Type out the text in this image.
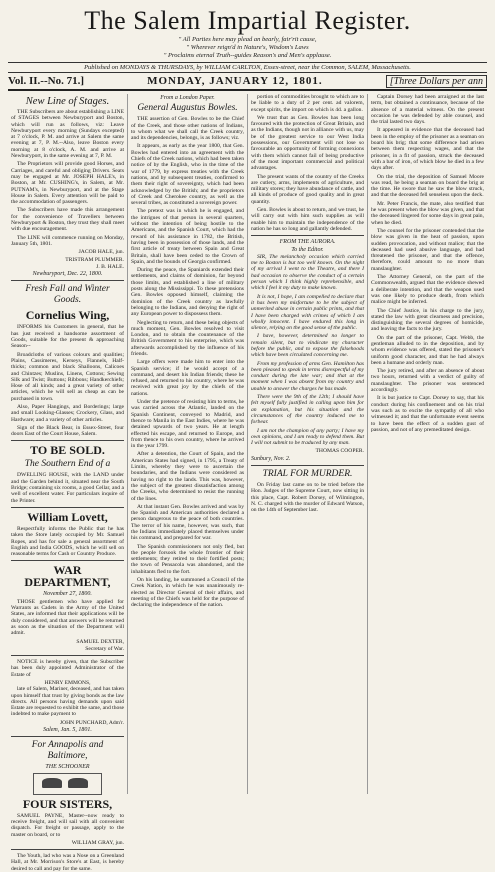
The Salem Impartial Register.
" All Parties here may plead an bearly, fair'rit cause,
" Wherever reign'd in Nature's, Wisdom's Laws
" Proclaims eternal Truth--guides Reason's and Men's applause.
Published on MONDAYS & THURSDAYS, by WILLIAM CARLTON, Essex-street, near the Common, SALEM, Massachusetts.
Vol. II.--No. 71.]	MONDAY, JANUARY 12, 1801.	[Three Dollars per ann
New Line of Stages.

THE Subscribers are about establishing a LINE of STAGES between Newburyport and Boston, which will run as follows, viz: Leave Newburyport every morning (Sundays excepted) at 7 o'clock, P. M. and arrive at Salem the same evening at 7, P. M.--Also, leave Boston every morning at 8 o'clock, A. M. and arrive at Newburyport, in the same evening at 7, P. M.

The Proprietors will provide good Horses, and Carriages, and careful and obliging Drivers. Seats may be engaged at Mr. JOSEPH HALE's, in Boston, at Mr. CUSHING's, in Salem, at Mr. PUTNAM's, in Newburyport, and at the Stage House in Salem. Every attention will be paid to the accommodation of passengers.

The Subscribers have made this arrangement for the convenience of Travellers between Newburyport & Boston, they trust they shall meet with due encouragement.

The LINE will commence running on Monday, January 5th, 1801.

JACOB HALE, jun.
TRISTRAM PLUMMER.
J. B. HALE.
Newburyport, Dec. 22, 1800.
Fresh Fall and Winter Goods.
Cornelius Wing,

INFORMS his Customers in general, that he has just received a handsome assortment of Goods, suitable for the present & approaching Season--

Broadcloths of various colours and qualities; Plains, Cassimeres, Kerseys, Flannels, Half-thicks; common and black Shalloons, Calicoes and Chintzes; Muslins, Linens, Cottons; Sewing Silk and Twist; Buttons; Ribbons; Handkerchiefs; Hose of all kinds; and a great variety of other articles, which he will sell as cheap as can be purchased in town.

Also, Paper Hangings, and Borderings; large and small Looking-Glasses; Crockery, Glass, and Hardware; and a variety of other articles.

Sign of the Black Bear, in Essex-Street, four doors East of the Court House, Salem.

TO BE SOLD.
The Southern End of a

DWELLING HOUSE, with the LAND under and the Garden behind it, situated near the South Bridge; containing six rooms, a good Cellar, and a well of excellent water. For particulars inquire of the Printer.

William Lovett,

Respectfully informs the Public that he has taken the Store lately occupied by Mr. Samuel Ropes, and has for sale a general assortment of English and India GOODS, which he will sell on reasonable terms for Cash or Country Produce.

WAR DEPARTMENT,
November 27, 1800.

THOSE gentlemen who have applied for Warrants as Cadets in the Army of the United States, are informed that their applications will be duly considered, and that answers will be returned as soon as the situation of the Department will admit.

SAMUEL DEXTER,
Secretary of War.

NOTICE is hereby given, that the Subscriber has been duly appointed Administrator of the Estate of

HENRY EMMONS,

late of Salem, Mariner, deceased, and has taken upon himself that trust by giving bonds as the law directs. All persons having demands upon said Estate are requested to exhibit the same, and those indebted to make payment to

JOHN PUNCHARD, Adm'r.
Salem, Jan. 5, 1801.
For Annapolis and Baltimore,
THE SCHOONER
FOUR SISTERS,

SAMUEL PAYNE, Master--now ready to receive freight, and will sail with all convenient dispatch. For freight or passage, apply to the master on board, or to

WILLIAM GRAY, jun.

The Youth, lad who was a Nose on a Greenland Hall, at Mr. Morrison's Store's at East, is hereby desired to call and pay for the same.

From a London Paper.
General Augustus Bowles.

THE assertion of Gen. Bowles to be the Chief of the Creek, and those other nations of Indians, to whom what we shall call the Creek country, and its dependencies, belongs, is as follows; viz.

It appears, as early as the year 1800, that Gen. Bowles had entered into an agreement with the Chiefs of the Creek nations, which had been taken notice of by the English, who in the time of the war of 1779, by express treaties with the Creek nations, and by subsequent treaties, confirmed to them their right of sovereignty, which had been acknowledged by the British; and the proprietors of Creek and Cherokee country, as well as the several tribes, as constituted a sovereign power.

The pretext was in which he is engaged, and the intrigues of that person in several quarters, without the intention of being hostile to the Americans, and the Spanish Court, which had the reward of his assistance in 1782, the British, having been in possession of those lands, and the first article of treaty between Spain and Great Britain, shall have been ceded to the Crown of Spain, and the bounds of Georgia confirmed.

During the peace, the Spaniards extended their settlements, and claims of dominion, far beyond those limits, and established a line of military posts along the Mississippi. To these pretensions Gen. Bowles opposed himself, claiming the dominion of the Creek country as lawfully belonging to the Indians, and denying the right of any European power to dispossess them.

Neglecting to return, and these being objects of much moment, Gen. Bowles resolved to visit London, and to obtain the countenance of the British Government to his enterprise, which was afterwards accomplished by the influence of his friends.

Large offers were made him to enter into the Spanish service; if he would accept of a command, and desert his Indian friends; these he refused, and returned to his country, where he was received with great joy by the chiefs of the nations.

Under the pretence of resisting him to terms, he was carried across the Atlantic, landed on the Spanish Continent, conveyed to Madrid, and thence to Manila in the East Indies, where he was detained upwards of two years. He at length effected his escape, and returned to Europe, and from thence to his own country, where he arrived in the year 1799.

After a detention, the Court of Spain, and the American States had signed, in 1795, a Treaty of Limits, whereby they were to ascertain the boundaries, and the Indians were considered as having no right to the lands. This was, however, the subject of the greatest dissatisfaction among the Creeks, who determined to resist the running of the lines.

At that instant Gen. Bowles arrived and was by the Spanish and American authorities declared a person dangerous to the peace of both countries. The terror of his name, however, was such, that the Indians immediately placed themselves under his command, and prepared for war.

The Spanish commissioners not only fled, but the people forsook the whole frontier of their settlements; they retired to their fortified posts; the town of Pensacola was abandoned, and the inhabitants fled to the fort.

On his landing, he summoned a Council of the Creek Nation, in which he was unanimously re-elected as Director General of their affairs, and meeting of the Chiefs was held for the purpose of declaring the independence of the nation.

portion of commodities brought to which are to be liable to a duty of 2 per cent. ad valorem, except spirits, the import on which is 4d. a gallon.

We trust that as Gen. Bowles has been long favoured with the protection of Great Britain, and as the Indians, though not in alliance with us, may be of the greatest service to our West India possessions, our Government will not lose so favourable an opportunity of forming connexions with them which cannot fail of being productive of the most important commercial and political advantages.

The present wants of the country of the Creeks are cutlery, arms, implements of agriculture, and military stores; they have abundance of cattle, and all kinds of produce of good quality and in great quantity.

Gen. Bowles is about to return, and we trust, he will carry out with him such supplies as will enable him to maintain the independence of the nation he has so long and gallantly defended.

FROM THE AURORA.
To the Editor.

SIR, The melancholy occasion which carried me to Boston is but too well known. On the night of my arrival I went to the Theatre, and there I had occasion to observe the conduct of a certain person which I think highly reprehensible, and which I feel it my duty to make known.

It is not, I hope, I am compelled to declare that it has been my misfortune to be the subject of unmerited abuse in certain public prints, and that I have been charged with crimes of which I am wholly innocent. I have endured this long in silence, relying on the good sense of the public.

I have, however, determined no longer to remain silent, but to vindicate my character before the public, and to expose the falsehoods which have been circulated concerning me.

From my profession of arms Gen. Hamilton has been pleased to speak in terms disrespectful of my conduct during the late war; and that at the moment when I was absent from my country and unable to answer the charges he has made.

There were the 9th of the 12th; I should have felt myself fully justified in calling upon him for an explanation, but his situation and the circumstances of the country induced me to forbear.

I am not the champion of any party; I have my own opinions, and I am ready to defend them. But I will not submit to be traduced by any man.

THOMAS COOPER.
Sunbury, Nov. 2.
TRIAL FOR MURDER.

On Friday last came on to be tried before the Hon. Judges of the Supreme Court, now sitting in this place, Capt. Robert Dorsey, of Wilmington, N. C. charged with the murder of Edward Watson, on the 14th of September last.

Captain Dorsey had been arraigned at the last term, but obtained a continuance, because of the absence of a material witness. On the present occasion he was defended by able counsel, and the trial lasted two days.

It appeared in evidence that the deceased had been in the employ of the prisoner as a seaman on board his brig; that some difference had arisen between them respecting wages, and that the prisoner, in a fit of passion, struck the deceased with a bar of iron, of which blow he died in a few days after.

On the trial, the deposition of Samuel Moore was read, he being a seaman on board the brig at the time. He swore that he saw the blow struck, and that the deceased fell senseless upon the deck.

Mr. Peter Francis, the mate, also testified that he was present when the blow was given, and that the deceased lingered for some days in great pain, when he died.

The counsel for the prisoner contended that the blow was given in the heat of passion, upon sudden provocation, and without malice; that the deceased had used abusive language, and had threatened the prisoner, and that the offence, therefore, could amount to no more than manslaughter.

The Attorney General, on the part of the Commonwealth, argued that the evidence shewed a deliberate intention, and that the weapon used was one likely to produce death, from which malice might be inferred.

The Chief Justice, in his charge to the jury, stated the law with great clearness and precision, distinguishing the several degrees of homicide, and leaving the facts to the jury.

On the part of the prisoner, Capt. Webb, the gentleman alluded to in the deposition, and by whom evidence was offered, stated the prisoner's uniform good character, and that he had always been a humane and orderly man.

The jury retired, and after an absence of about two hours, returned with a verdict of guilty of manslaughter. The prisoner was sentenced accordingly.

It is but justice to Capt. Dorsey to say, that his conduct during his confinement and on his trial was such as to excite the sympathy of all who witnessed it; and that the unfortunate event seems to have been the effect of a sudden gust of passion, and not of any premeditated design.
